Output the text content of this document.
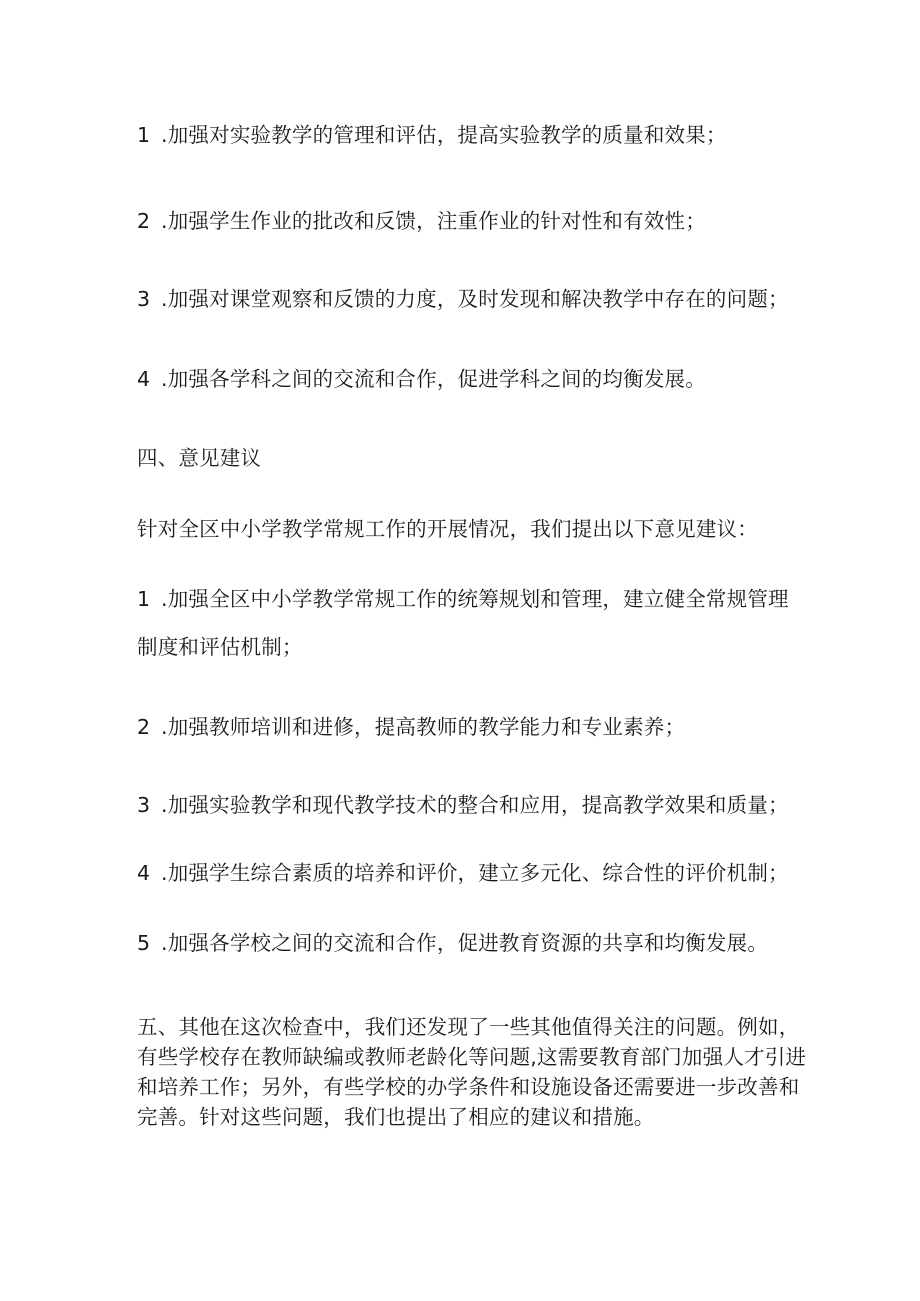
1 .加强对实验教学的管理和评估，提高实验教学的质量和效果；
2 .加强学生作业的批改和反馈，注重作业的针对性和有效性；
3 .加强对课堂观察和反馈的力度，及时发现和解决教学中存在的问题；
4 .加强各学科之间的交流和合作，促进学科之间的均衡发展。
四、意见建议
针对全区中小学教学常规工作的开展情况，我们提出以下意见建议：
1 .加强全区中小学教学常规工作的统筹规划和管理，建立健全常规管理
制度和评估机制；
2 .加强教师培训和进修，提高教师的教学能力和专业素养；
3 .加强实验教学和现代教学技术的整合和应用，提高教学效果和质量；
4 .加强学生综合素质的培养和评价，建立多元化、综合性的评价机制；
5 .加强各学校之间的交流和合作，促进教育资源的共享和均衡发展。
五、其他在这次检查中，我们还发现了一些其他值得关注的问题。例如，
有些学校存在教师缺编或教师老龄化等问题,这需要教育部门加强人才引进
和培养工作；另外，有些学校的办学条件和设施设备还需要进一步改善和
完善。针对这些问题，我们也提出了相应的建议和措施。
